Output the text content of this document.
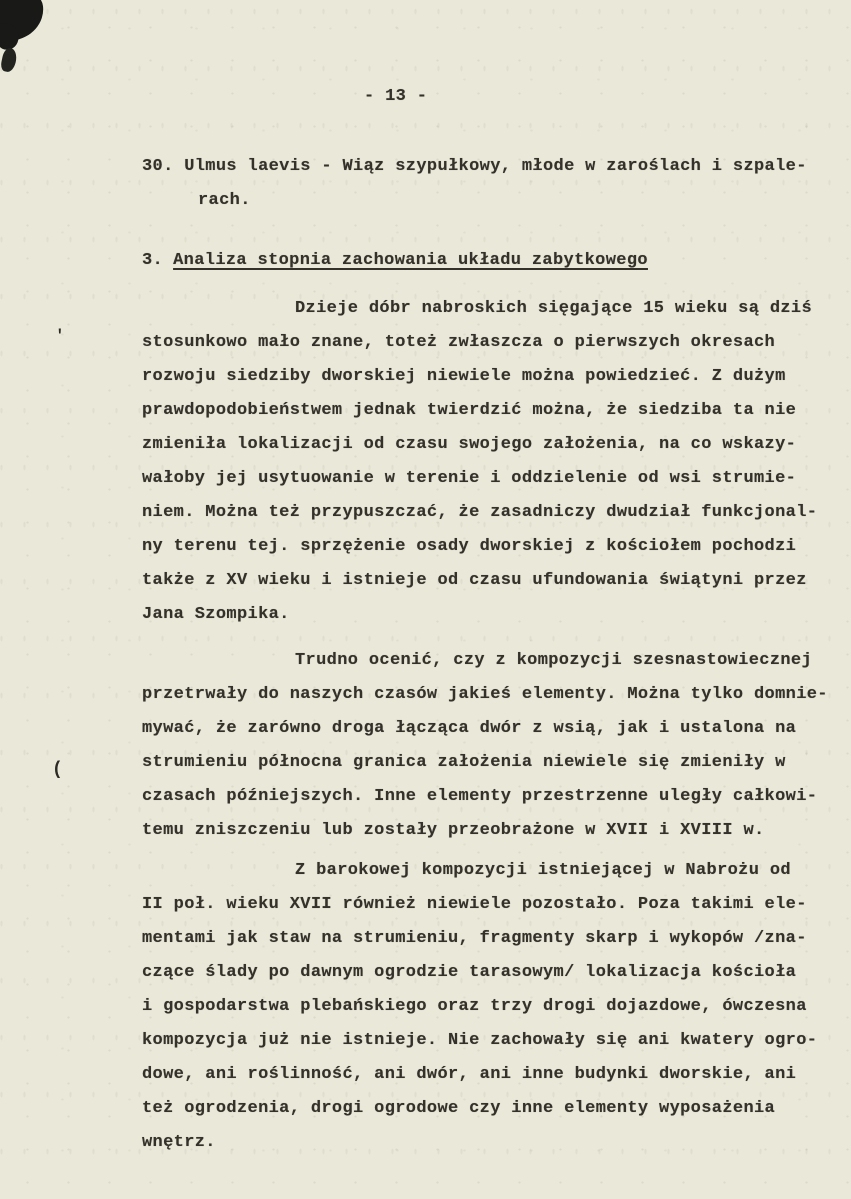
'
(
- 13 -
30. Ulmus laevis - Wiąz szypułkowy, młode w zaroślach i szpale-
rach.
3. Analiza stopnia zachowania układu zabytkowego
Dzieje dóbr nabroskich sięgające 15 wieku są dziś
stosunkowo mało znane, toteż zwłaszcza o pierwszych okresach
rozwoju siedziby dworskiej niewiele można powiedzieć. Z dużym
prawdopodobieństwem jednak twierdzić można, że siedziba ta nie
zmieniła lokalizacji od czasu swojego założenia, na co wskazy-
wałoby jej usytuowanie w terenie i oddzielenie od wsi strumie-
niem. Można też przypuszczać, że zasadniczy dwudział funkcjonal-
ny terenu tej. sprzężenie osady dworskiej z kościołem pochodzi
także z XV wieku i istnieje od czasu ufundowania świątyni przez
Jana Szompika.
Trudno ocenić, czy z kompozycji szesnastowiecznej
przetrwały do naszych czasów jakieś elementy. Można tylko domnie-
mywać, że zarówno droga łącząca dwór z wsią, jak i ustalona na
strumieniu północna granica założenia niewiele się zmieniły w
czasach późniejszych. Inne elementy przestrzenne uległy całkowi-
temu zniszczeniu lub zostały przeobrażone w XVII i XVIII w.
Z barokowej kompozycji istniejącej w Nabrożu od
II poł. wieku XVII również niewiele pozostało. Poza takimi ele-
mentami jak staw na strumieniu, fragmenty skarp i wykopów /zna-
czące ślady po dawnym ogrodzie tarasowym/ lokalizacja kościoła
i gospodarstwa plebańskiego oraz trzy drogi dojazdowe, ówczesna
kompozycja już nie istnieje. Nie zachowały się ani kwatery ogro-
dowe, ani roślinność, ani dwór, ani inne budynki dworskie, ani
też ogrodzenia, drogi ogrodowe czy inne elementy wyposażenia
wnętrz.
